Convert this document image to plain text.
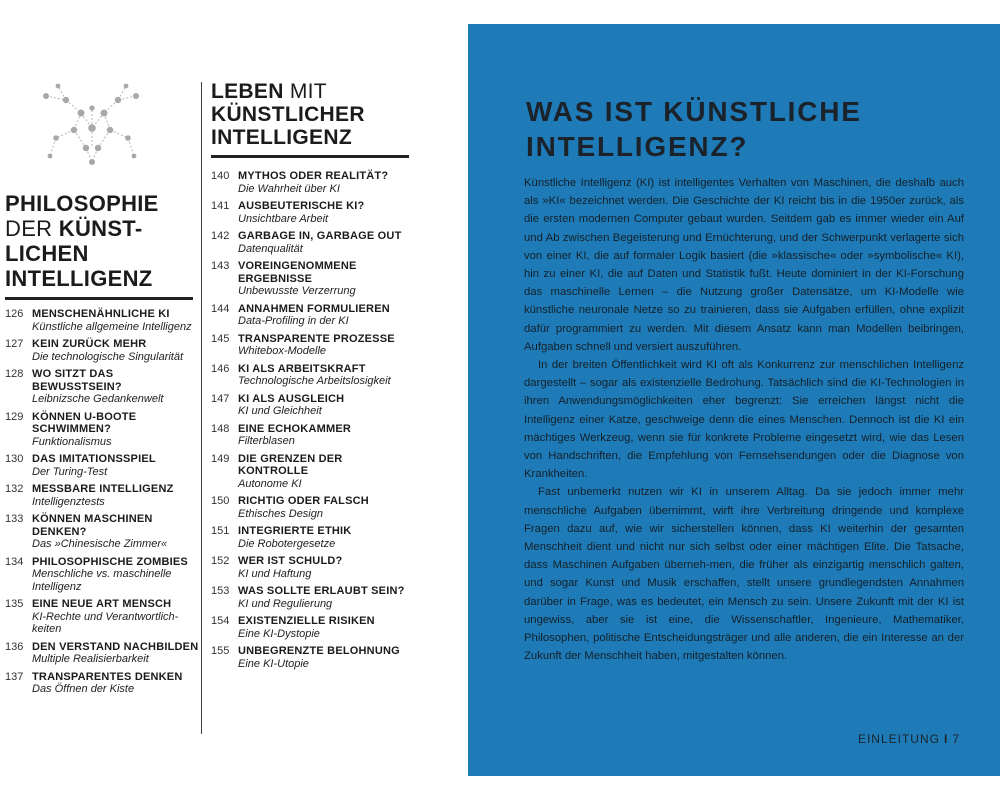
PHILOSOPHIE
DER KÜNST-
LICHEN
INTELLIGENZ
126 MENSCHENÄHNLICHE KI
Künstliche allgemeine Intelligenz
127 KEIN ZURÜCK MEHR
Die technologische Singularität
128 WO SITZT DAS BEWUSSTSEIN?
Leibnizsche Gedankenwelt
129 KÖNNEN U-BOOTE SCHWIMMEN?
Funktionalismus
130 DAS IMITATIONSSPIEL
Der Turing-Test
132 MESSBARE INTELLIGENZ
Intelligenztests
133 KÖNNEN MASCHINEN DENKEN?
Das »Chinesische Zimmer«
134 PHILOSOPHISCHE ZOMBIES
Menschliche vs. maschinelle Intelligenz
135 EINE NEUE ART MENSCH
KI-Rechte und Verantwortlich-keiten
136 DEN VERSTAND NACHBILDEN
Multiple Realisierbarkeit
137 TRANSPARENTES DENKEN
Das Öffnen der Kiste
LEBEN MIT
KÜNSTLICHER
INTELLIGENZ
140 MYTHOS ODER REALITÄT?
Die Wahrheit über KI
141 AUSBEUTERISCHE KI?
Unsichtbare Arbeit
142 GARBAGE IN, GARBAGE OUT
Datenqualität
143 VOREINGENOMMENE ERGEBNISSE
Unbewusste Verzerrung
144 ANNAHMEN FORMULIEREN
Data-Profiling in der KI
145 TRANSPARENTE PROZESSE
Whitebox-Modelle
146 KI ALS ARBEITSKRAFT
Technologische Arbeitslosigkeit
147 KI ALS AUSGLEICH
KI und Gleichheit
148 EINE ECHOKAMMER
Filterblasen
149 DIE GRENZEN DER KONTROLLE
Autonome KI
150 RICHTIG ODER FALSCH
Ethisches Design
151 INTEGRIERTE ETHIK
Die Robotergesetze
152 WER IST SCHULD?
KI und Haftung
153 WAS SOLLTE ERLAUBT SEIN?
KI und Regulierung
154 EXISTENZIELLE RISIKEN
Eine KI-Dystopie
155 UNBEGRENZTE BELOHNUNG
Eine KI-Utopie
WAS IST KÜNSTLICHE
INTELLIGENZ?

Künstliche Intelligenz (KI) ist intelligentes Verhalten von Maschinen, die deshalb auch als »KI« bezeichnet werden. Die Geschichte der KI reicht bis in die 1950er zurück, als die ersten modernen Computer gebaut wurden. Seitdem gab es immer wieder ein Auf und Ab zwischen Begeisterung und Ernüchterung, und der Schwerpunkt verlagerte sich von einer KI, die auf formaler Logik basiert (die »klassische« oder »symbolische« KI), hin zu einer KI, die auf Daten und Statistik fußt. Heute dominiert in der KI-Forschung das maschinelle Lernen – die Nutzung großer Datensätze, um KI-Modelle wie künstliche neuronale Netze so zu trainieren, dass sie Aufgaben erfüllen, ohne explizit dafür programmiert zu werden. Mit diesem Ansatz kann man Modellen beibringen, Aufgaben schnell und versiert auszuführen.

In der breiten Öffentlichkeit wird KI oft als Konkurrenz zur menschlichen Intelligenz dargestellt – sogar als existenzielle Bedrohung. Tatsächlich sind die KI-Technologien in ihren Anwendungsmöglichkeiten eher begrenzt: Sie erreichen längst nicht die Intelligenz einer Katze, geschweige denn die eines Menschen. Dennoch ist die KI ein mächtiges Werkzeug, wenn sie für konkrete Probleme eingesetzt wird, wie das Lesen von Handschriften, die Empfehlung von Fernsehsendungen oder die Diagnose von Krankheiten.

Fast unbemerkt nutzen wir KI in unserem Alltag. Da sie jedoch immer mehr menschliche Aufgaben übernimmt, wirft ihre Verbreitung dringende und komplexe Fragen dazu auf, wie wir sicherstellen können, dass KI weiterhin der gesamten Menschheit dient und nicht nur sich selbst oder einer mächtigen Elite. Die Tatsache, dass Maschinen Aufgaben überneh-men, die früher als einzigartig menschlich galten, und sogar Kunst und Musik erschaffen, stellt unsere grundlegendsten Annahmen darüber in Frage, was es bedeutet, ein Mensch zu sein. Unsere Zukunft mit der KI ist ungewiss, aber sie ist eine, die Wissenschaftler, Ingenieure, Mathematiker, Philosophen, politische Entscheidungsträger und alle anderen, die ein Interesse an der Zukunft der Menschheit haben, mitgestalten können.

EINLEITUNG I 7
